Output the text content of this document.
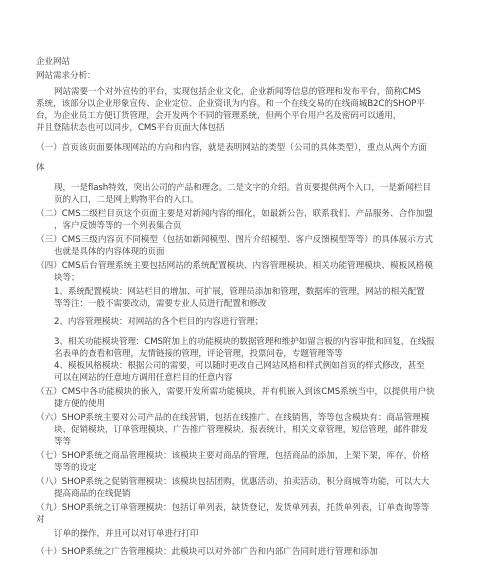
企业网站
网站需求分析：
网站需要一个对外宣传的平台，实现包括企业文化，企业新闻等信息的管理和发布平台，简称CMS
系统，该部分以企业形象宣传、企业定位、企业资讯为内容。和一个在线交易的在线商城B2C的SHOP平
台，为企业员工方便订货管理，会开发两个不同的管理系统，但两个平台用户名及密码可以通用，
并且登陆状态也可以同步，CMS平台页面大体包括
（一）首页该页面要体现网站的方向和内容，就是表明网站的类型（公司的具体类型），重点从两个方面
体
现，一是flash特效，突出公司的产品和理念。二是文字的介绍。首页要提供两个入口，一是新闻栏目
页的入口，二是网上购物平台的入口。
（二）CMS二级栏目页这个页面主要是对新闻内容的细化，如最新公告，联系我们、产品服务、合作加盟
，客户反馈等等的一个列表集合页
（三）CMS三级内容页不同模型（包括如新闻模型、图片介绍模型、客户反馈模型等等）的具体展示方式
也就是具体的内容体现的页面
（四）CMS后台管理系统主要包括网站的系统配置模块、内容管理模块、相关功能管理模块、模板风格模
块等；
1、系统配置模块：网站栏目的增加、可扩展，管理员添加和管理，数据库的管理，网站的相关配置
等等注：一般不需要改动，需要专业人员进行配置和修改
2、内容管理模块：对网站的各个栏目的内容进行管理；
3、相关功能模块管理：CMS附加上的功能模块的数据管理和维护如留言板的内容审批和回复，在线报
名表单的查看和管理，友情链接的管理，评论管理，投票问卷，专题管理等等
4、模板风格模块：根据公司的需要，可以随时更改自己网站风格和样式例如首页的样式修改，甚至
可以在网站的任意地方调用任意栏目的任意内容
（五）CMS中各功能模块的嵌入，需要开发所需功能模块，并有机嵌入到该CMS系统当中，以提供用户快
捷方便的使用
（六）SHOP系统主要对公司产品的在线营销，包括在线推广、在线销售，等等包含模块有：商品管理模
块、促销模块，订单管理模块、广告推广管理模块、报表统计，相关文章管理，短信管理，邮件群发
等等
（七）SHOP系统之商品管理模块：该模块主要对商品的管理，包括商品的添加，上架下架，库存，价格
等等的设定
（八）SHOP系统之促销管理模块：该模块包括团购，优惠活动，拍卖活动，积分商城等功能，可以大大
提高商品的在线促销
（九）SHOP系统之订单管理模块：包括订单列表，缺货登记，发货单列表，托货单列表，订单查询等等
对
订单的操作，并且可以对订单进行打印
（十）SHOP系统之广告管理模块：此模块可以对外部广告和内部广告同时进行管理和添加
